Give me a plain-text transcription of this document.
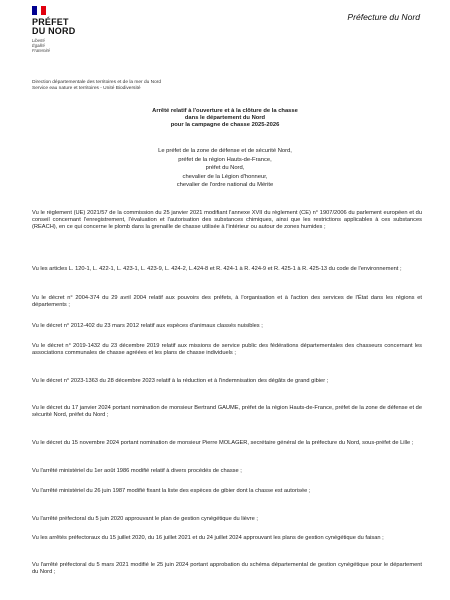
PRÉFET
DU NORD
Liberté
Égalité
Fraternité
Préfecture du Nord
Direction départementale des territoires et de la mer du Nord
Service eau nature et territoires - Unité Biodiversité
Arrêté relatif à l'ouverture et à la clôture de la chasse
dans le département du Nord
pour la campagne de chasse 2025-2026
Le préfet de la zone de défense et de sécurité Nord,
préfet de la région Hauts-de-France,
préfet du Nord,
chevalier de la Légion d'honneur,
chevalier de l'ordre national du Mérite

Vu le règlement (UE) 2021/57 de la commission du 25 janvier 2021 modifiant l'annexe XVII du règlement (CE) n° 1907/2006 du parlement européen et du conseil concernant l'enregistrement, l'évaluation et l'autorisation des substances chimiques, ainsi que les restrictions applicables à ces substances (REACH), en ce qui concerne le plomb dans la grenaille de chasse utilisée à l'intérieur ou autour de zones humides ;

Vu les articles L. 120-1, L. 422-1, L. 423-1, L. 423-9, L. 424-2, L.424-8 et R. 424-1 à R. 424-9 et R. 425-1 à R. 425-13 du code de l'environnement ;

Vu le décret n° 2004-374 du 29 avril 2004 relatif aux pouvoirs des préfets, à l'organisation et à l'action des services de l'État dans les régions et départements ;

Vu le décret n° 2012-402 du 23 mars 2012 relatif aux espèces d'animaux classés nuisibles ;

Vu le décret n° 2019-1432 du 23 décembre 2019 relatif aux missions de service public des fédérations départementales des chasseurs concernant les associations communales de chasse agréées et les plans de chasse individuels ;

Vu le décret n° 2023-1363 du 28 décembre 2023 relatif à la réduction et à l'indemnisation des dégâts de grand gibier ;

Vu le décret du 17 janvier 2024 portant nomination de monsieur Bertrand GAUME, préfet de la région Hauts-de-France, préfet de la zone de défense et de sécurité Nord, préfet du Nord ;

Vu le décret du 15 novembre 2024 portant nomination de monsieur Pierre MOLAGER, secrétaire général de la préfecture du Nord, sous-préfet de Lille ;

Vu l'arrêté ministériel du 1er août 1986 modifié relatif à divers procédés de chasse ;

Vu l'arrêté ministériel du 26 juin 1987 modifié fixant la liste des espèces de gibier dont la chasse est autorisée ;

Vu l'arrêté préfectoral du 5 juin 2020 approuvant le plan de gestion cynégétique du lièvre ;

Vu les arrêtés préfectoraux du 15 juillet 2020, du 16 juillet 2021 et du 24 juillet 2024 approuvant les plans de gestion cynégétique du faisan ;

Vu l'arrêté préfectoral du 5 mars 2021 modifié le 25 juin 2024 portant approbation du schéma départemental de gestion cynégétique pour le département du Nord ;
